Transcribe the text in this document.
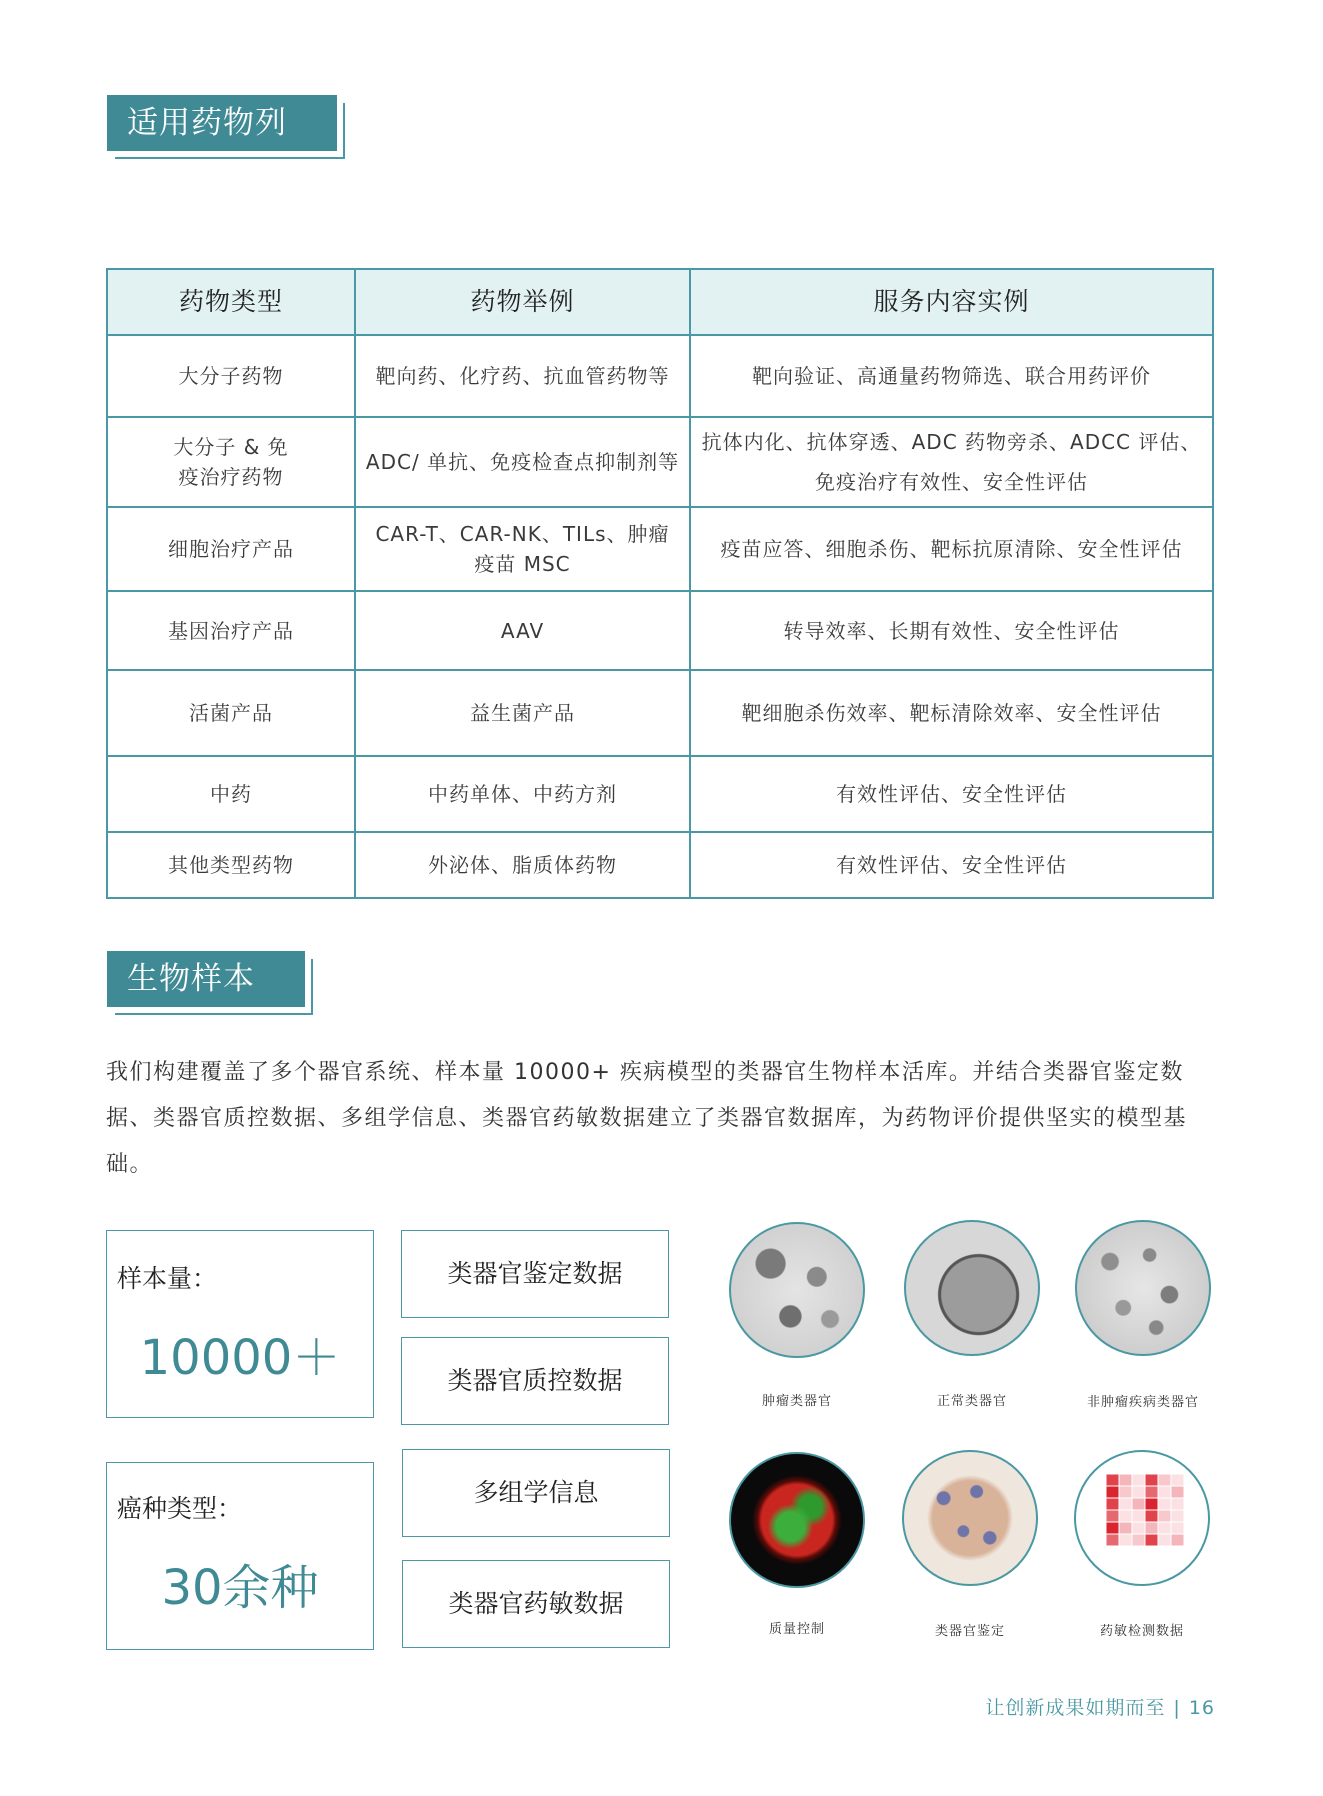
适用药物列表
药物类型	药物举例	服务内容实例
大分子药物	靶向药、化疗药、抗血管药物等	靶向验证、高通量药物筛选、联合用药评价
大分子 & 免疫治疗药物	ADC/ 单抗、免疫检查点抑制剂等	抗体内化、抗体穿透、ADC 药物旁杀、ADCC 评估、免疫治疗有效性、安全性评估
细胞治疗产品	CAR-T、CAR-NK、TILs、肿瘤疫苗 MSC	疫苗应答、细胞杀伤、靶标抗原清除、安全性评估
基因治疗产品	AAV	转导效率、长期有效性、安全性评估
活菌产品	益生菌产品	靶细胞杀伤效率、靶标清除效率、安全性评估
中药	中药单体、中药方剂	有效性评估、安全性评估
其他类型药物	外泌体、脂质体药物	有效性评估、安全性评估
生物样本库
我们构建覆盖了多个器官系统、样本量 10000+ 疾病模型的类器官生物样本活库。并结合类器官鉴定数据、类器官质控数据、多组学信息、类器官药敏数据建立了类器官数据库，为药物评价提供坚实的模型基础。
样本量：
10000＋
癌种类型：
30余种
类器官鉴定数据
类器官质控数据
多组学信息
类器官药敏数据
肿瘤类器官	正常类器官	非肿瘤疾病类器官
质量控制	类器官鉴定	药敏检测数据
让创新成果如期而至 | 16
